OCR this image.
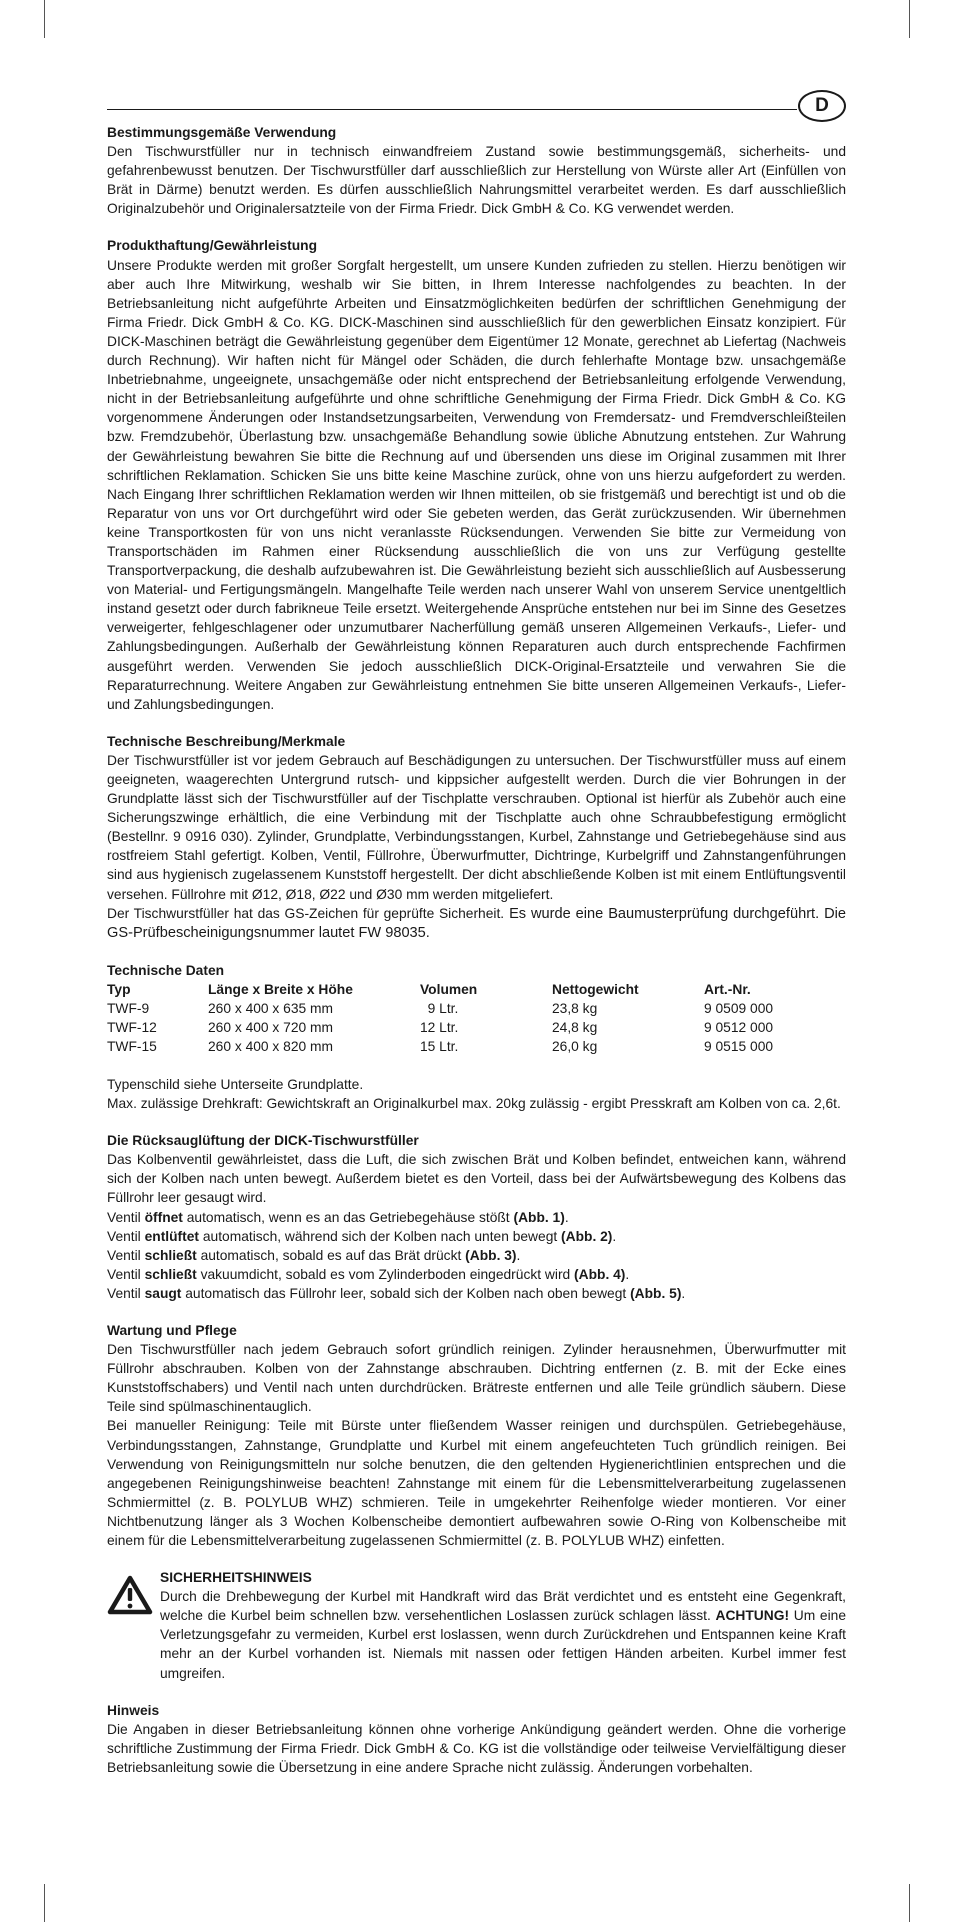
D
Bestimmungsgemäße Verwendung

Den Tischwurstfüller nur in technisch einwandfreiem Zustand sowie bestimmungsgemäß, sicherheits- und gefahrenbewusst benutzen. Der Tischwurstfüller darf ausschließlich zur Herstellung von Würste aller Art (Einfüllen von Brät in Därme) benutzt werden. Es dürfen ausschließlich Nahrungsmittel verarbeitet werden. Es darf ausschließlich Originalzubehör und Originalersatzteile von der Firma Friedr. Dick GmbH & Co. KG verwendet werden.

Produkthaftung/Gewährleistung

Unsere Produkte werden mit großer Sorgfalt hergestellt, um unsere Kunden zufrieden zu stellen. Hierzu benötigen wir aber auch Ihre Mitwirkung, weshalb wir Sie bitten, in Ihrem Interesse nachfolgendes zu beachten. In der Betriebsanleitung nicht aufgeführte Arbeiten und Einsatzmöglichkeiten bedürfen der schriftlichen Genehmigung der Firma Friedr. Dick GmbH & Co. KG. DICK-Maschinen sind ausschließlich für den gewerblichen Einsatz konzipiert. Für DICK-Maschinen beträgt die Gewährleistung gegenüber dem Eigentümer 12 Monate, gerechnet ab Liefertag (Nachweis durch Rechnung). Wir haften nicht für Mängel oder Schäden, die durch fehlerhafte Montage bzw. unsachgemäße Inbetriebnahme, ungeeignete, unsachgemäße oder nicht entsprechend der Betriebsanleitung erfolgende Verwendung, nicht in der Betriebsanleitung aufgeführte und ohne schriftliche Genehmigung der Firma Friedr. Dick GmbH & Co. KG vorgenommene Änderungen oder Instandsetzungsarbeiten, Verwendung von Fremdersatz- und Fremdverschleißteilen bzw. Fremdzubehör, Überlastung bzw. unsachgemäße Behandlung sowie übliche Abnutzung entstehen. Zur Wahrung der Gewährleistung bewahren Sie bitte die Rechnung auf und übersenden uns diese im Original zusammen mit Ihrer schriftlichen Reklamation. Schicken Sie uns bitte keine Maschine zurück, ohne von uns hierzu aufgefordert zu werden. Nach Eingang Ihrer schriftlichen Reklamation werden wir Ihnen mitteilen, ob sie fristgemäß und berechtigt ist und ob die Reparatur von uns vor Ort durchgeführt wird oder Sie gebeten werden, das Gerät zurückzusenden. Wir übernehmen keine Transportkosten für von uns nicht veranlasste Rücksendungen. Verwenden Sie bitte zur Vermeidung von Transportschäden im Rahmen einer Rücksendung ausschließlich die von uns zur Verfügung gestellte Transportverpackung, die deshalb aufzubewahren ist. Die Gewährleistung bezieht sich ausschließlich auf Ausbesserung von Material- und Fertigungsmängeln. Mangelhafte Teile werden nach unserer Wahl von unserem Service unentgeltlich instand gesetzt oder durch fabrikneue Teile ersetzt. Weitergehende Ansprüche entstehen nur bei im Sinne des Gesetzes verweigerter, fehlgeschlagener oder unzumutbarer Nacherfüllung gemäß unseren Allgemeinen Verkaufs-, Liefer- und Zahlungsbedingungen. Außerhalb der Gewährleistung können Reparaturen auch durch entsprechende Fachfirmen ausgeführt werden. Verwenden Sie jedoch ausschließlich DICK-Original-Ersatzteile und verwahren Sie die Reparaturrechnung. Weitere Angaben zur Gewährleistung entnehmen Sie bitte unseren Allgemeinen Verkaufs-, Liefer- und Zahlungsbedingungen.

Technische Beschreibung/Merkmale

Der Tischwurstfüller ist vor jedem Gebrauch auf Beschädigungen zu untersuchen. Der Tischwurstfüller muss auf einem geeigneten, waagerechten Untergrund rutsch- und kippsicher aufgestellt werden. Durch die vier Bohrungen in der Grundplatte lässt sich der Tischwurstfüller auf der Tischplatte verschrauben. Optional ist hierfür als Zubehör auch eine Sicherungszwinge erhältlich, die eine Verbindung mit der Tischplatte auch ohne Schraubbefestigung ermöglicht (Bestellnr. 9 0916 030). Zylinder, Grundplatte, Verbindungsstangen, Kurbel, Zahnstange und Getriebegehäuse sind aus rostfreiem Stahl gefertigt. Kolben, Ventil, Füllrohre, Überwurfmutter, Dichtringe, Kurbelgriff und Zahnstangenführungen sind aus hygienisch zugelassenem Kunststoff hergestellt. Der dicht abschließende Kolben ist mit einem Entlüftungsventil versehen. Füllrohre mit Ø12, Ø18, Ø22 und Ø30 mm werden mitgeliefert.

Der Tischwurstfüller hat das GS-Zeichen für geprüfte Sicherheit. Es wurde eine Baumusterprüfung durchgeführt. Die GS-Prüfbescheinigungsnummer lautet FW 98035.

Technische Daten
Typ	Länge x Breite x Höhe	Volumen	Nettogewicht	Art.-Nr.
TWF-9	260 x 400 x 635 mm	9 Ltr.	23,8 kg	9 0509 000
TWF-12	260 x 400 x 720 mm	12 Ltr.	24,8 kg	9 0512 000
TWF-15	260 x 400 x 820 mm	15 Ltr.	26,0 kg	9 0515 000

Typenschild siehe Unterseite Grundplatte.

Max. zulässige Drehkraft: Gewichtskraft an Originalkurbel max. 20kg zulässig - ergibt Presskraft am Kolben von ca. 2,6t.

Die Rücksauglüftung der DICK-Tischwurstfüller

Das Kolbenventil gewährleistet, dass die Luft, die sich zwischen Brät und Kolben befindet, entweichen kann, während sich der Kolben nach unten bewegt. Außerdem bietet es den Vorteil, dass bei der Aufwärtsbewegung des Kolbens das Füllrohr leer gesaugt wird.

Ventil öffnet automatisch, wenn es an das Getriebegehäuse stößt (Abb. 1).

Ventil entlüftet automatisch, während sich der Kolben nach unten bewegt (Abb. 2).

Ventil schließt automatisch, sobald es auf das Brät drückt (Abb. 3).

Ventil schließt vakuumdicht, sobald es vom Zylinderboden eingedrückt wird (Abb. 4).

Ventil saugt automatisch das Füllrohr leer, sobald sich der Kolben nach oben bewegt (Abb. 5).

Wartung und Pflege

Den Tischwurstfüller nach jedem Gebrauch sofort gründlich reinigen. Zylinder herausnehmen, Überwurfmutter mit Füllrohr abschrauben. Kolben von der Zahnstange abschrauben. Dichtring entfernen (z. B. mit der Ecke eines Kunststoffschabers) und Ventil nach unten durchdrücken. Brätreste entfernen und alle Teile gründlich säubern. Diese Teile sind spülmaschinentauglich.

Bei manueller Reinigung: Teile mit Bürste unter fließendem Wasser reinigen und durchspülen. Getriebegehäuse, Verbindungsstangen, Zahnstange, Grundplatte und Kurbel mit einem angefeuchteten Tuch gründlich reinigen. Bei Verwendung von Reinigungsmitteln nur solche benutzen, die den geltenden Hygienerichtlinien entsprechen und die angegebenen Reinigungshinweise beachten! Zahnstange mit einem für die Lebensmittelverarbeitung zugelassenen Schmiermittel (z. B. POLYLUB WHZ) schmieren. Teile in umgekehrter Reihenfolge wieder montieren. Vor einer Nichtbenutzung länger als 3 Wochen Kolbenscheibe demontiert aufbewahren sowie O-Ring von Kolbenscheibe mit einem für die Lebensmittelverarbeitung zugelassenen Schmiermittel (z. B. POLYLUB WHZ) einfetten.

SICHERHEITSHINWEIS

Durch die Drehbewegung der Kurbel mit Handkraft wird das Brät verdichtet und es entsteht eine Gegenkraft, welche die Kurbel beim schnellen bzw. versehentlichen Loslassen zurück schlagen lässt. ACHTUNG! Um eine Verletzungsgefahr zu vermeiden, Kurbel erst loslassen, wenn durch Zurückdrehen und Entspannen keine Kraft mehr an der Kurbel vorhanden ist. Niemals mit nassen oder fettigen Händen arbeiten. Kurbel immer fest umgreifen.

Hinweis

Die Angaben in dieser Betriebsanleitung können ohne vorherige Ankündigung geändert werden. Ohne die vorherige schriftliche Zustimmung der Firma Friedr. Dick GmbH & Co. KG ist die vollständige oder teilweise Vervielfältigung dieser Betriebsanleitung sowie die Übersetzung in eine andere Sprache nicht zulässig. Änderungen vorbehalten.
